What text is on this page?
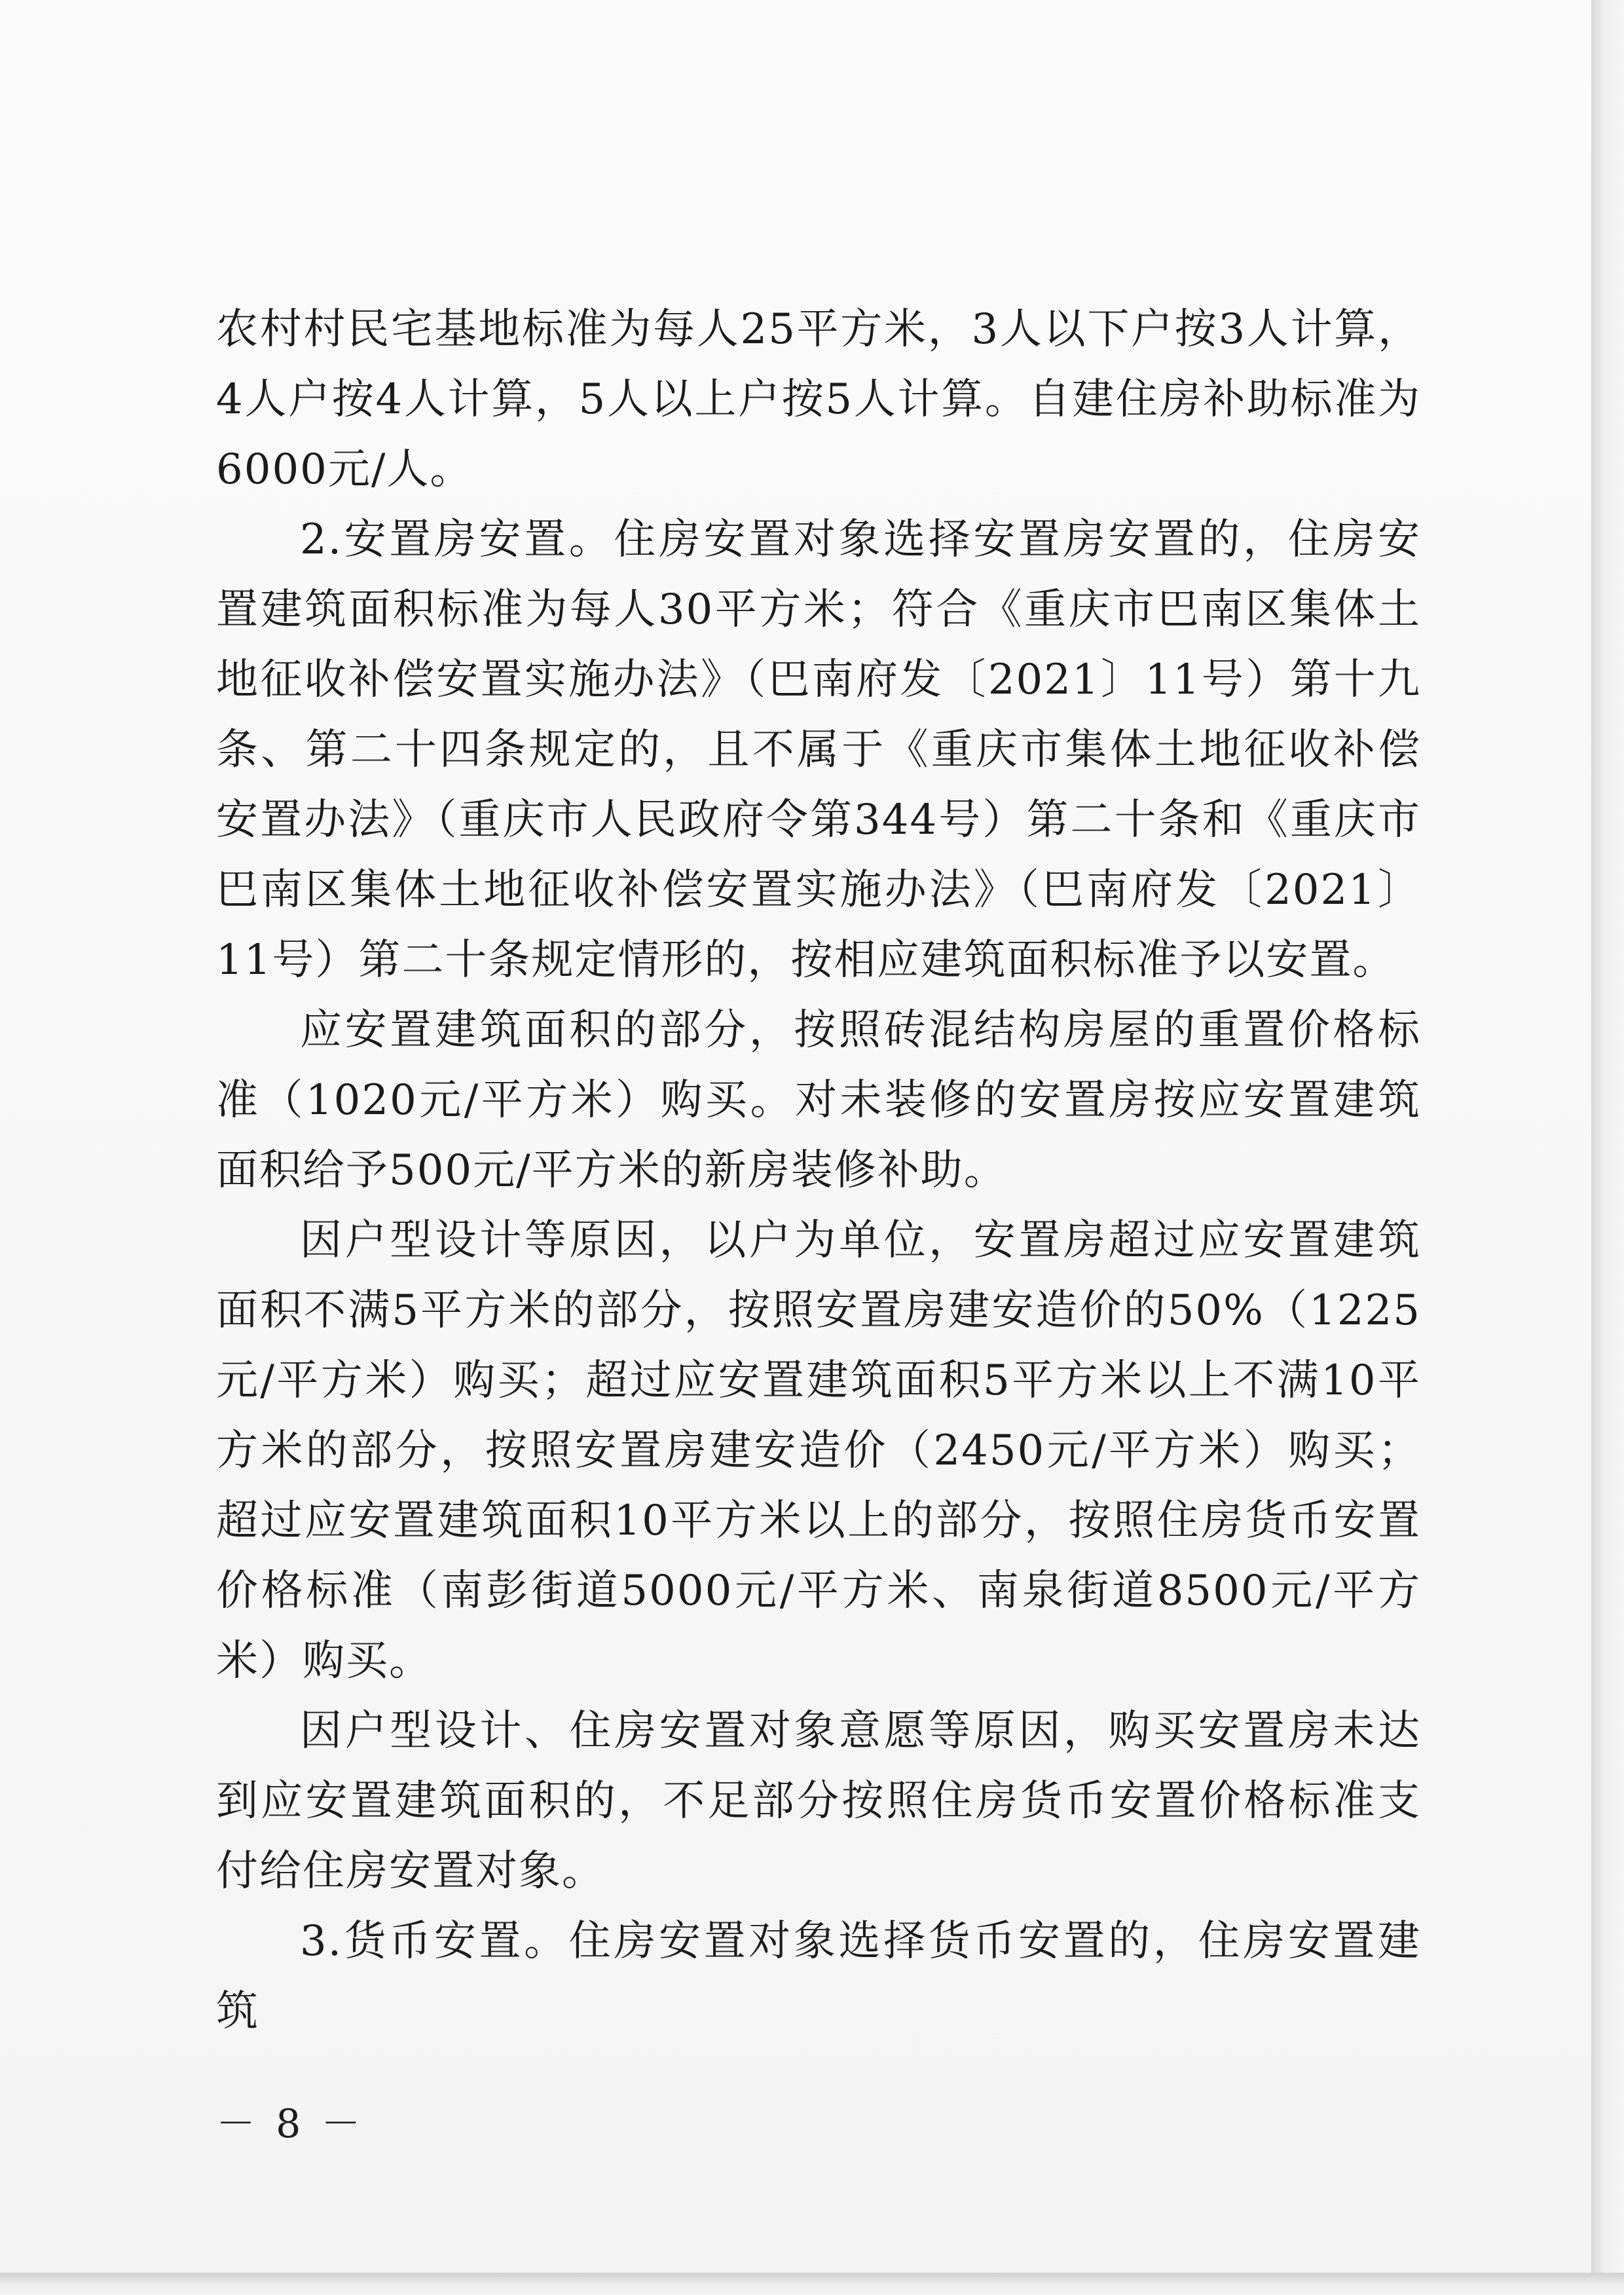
农村村民宅基地标准为每人25平方米，3人以下户按3人计算，4人户按4人计算，5人以上户按5人计算。自建住房补助标准为6000元/人。

2.安置房安置。住房安置对象选择安置房安置的，住房安置建筑面积标准为每人30平方米；符合《重庆市巴南区集体土地征收补偿安置实施办法》（巴南府发〔2021〕11号）第十九条、第二十四条规定的，且不属于《重庆市集体土地征收补偿安置办法》（重庆市人民政府令第344号）第二十条和《重庆市巴南区集体土地征收补偿安置实施办法》（巴南府发〔2021〕11号）第二十条规定情形的，按相应建筑面积标准予以安置。

应安置建筑面积的部分，按照砖混结构房屋的重置价格标准（1020元/平方米）购买。对未装修的安置房按应安置建筑面积给予500元/平方米的新房装修补助。

因户型设计等原因，以户为单位，安置房超过应安置建筑面积不满5平方米的部分，按照安置房建安造价的50%（1225元/平方米）购买；超过应安置建筑面积5平方米以上不满10平方米的部分，按照安置房建安造价（2450元/平方米）购买；超过应安置建筑面积10平方米以上的部分，按照住房货币安置价格标准（南彭街道5000元/平方米、南泉街道8500元/平方米）购买。

因户型设计、住房安置对象意愿等原因，购买安置房未达到应安置建筑面积的，不足部分按照住房货币安置价格标准支付给住房安置对象。

3.货币安置。住房安置对象选择货币安置的，住房安置建筑

－ 8 －
